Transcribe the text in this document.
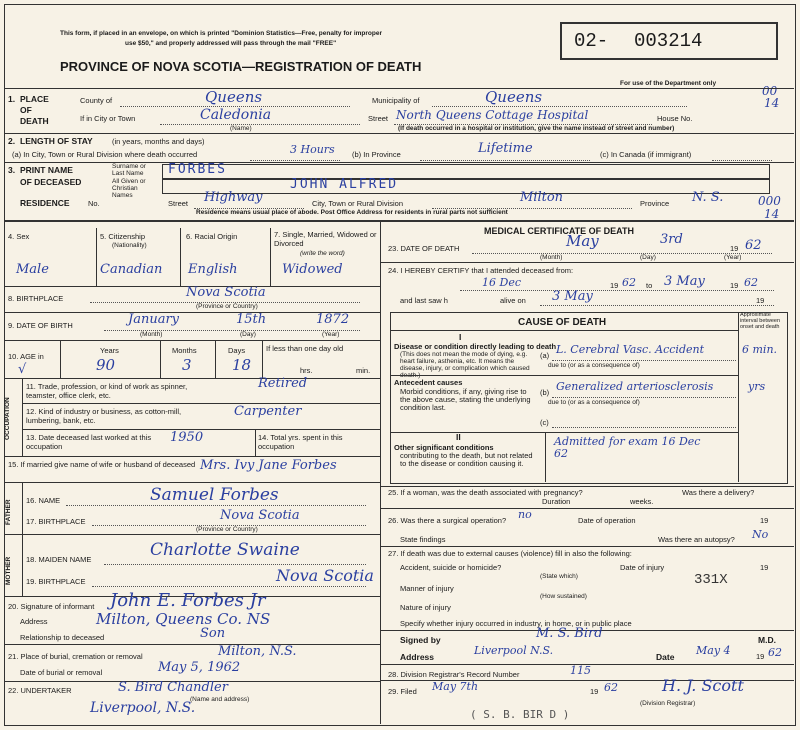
This form, if placed in an envelope, on which is printed "Dominion Statistics—Free, penalty for improper
use $50," and properly addressed will pass through the mail "FREE"
PROVINCE OF NOVA SCOTIA—REGISTRATION OF DEATH
02- 003214
For use of the Department only
00
14
000
14
1. PLACE OF DEATH
County of	Queens	Municipality of	Queens
If in City or Town	Caledonia
(Name)
Street North Queens Cottage Hospital	House No.
(If death occurred in a hospital or institution, give the name instead of street and number)
2. LENGTH OF STAY	(in years, months and days)
(a) In City, Town or Rural Division where death occurred	3 Hours (b) In Province	Lifetime	(c) In Canada (if immigrant)
3. PRINT NAME
OF DECEASED
Surname or Last Name	FORBES
All Given or Christian Names
JOHN ALFRED
RESIDENCE No.	Street Highway	City, Town or Rural Division	Milton	Province N. S.
Residence means usual place of abode. Post Office Address for residents in rural parts not sufficient
4. Sex
Male
5. Citizenship
(Nationality)
Canadian
6. Racial Origin
English
7. Single, Married, Widowed or Divorced
(write the word)
Widowed
8. BIRTHPLACE	Nova Scotia
(Province or Country)
9. DATE OF BIRTH	January	15th	1872
(Month)	(Day)	(Year)
10. AGE in
√
Years	Months	Days	If less than one day old
90	3	18	hrs.	min.
OCCUPATION
11. Trade, profession, or kind of work as spinner, teamster, office clerk, etc.
Retired
12. Kind of industry or business, as cotton-mill, lumbering, bank, etc.
Carpenter
13. Date deceased last worked at this occupation
1950	14. Total yrs. spent in this occupation
15. If married give name of wife or husband of deceased Mrs. Ivy Jane Forbes
FATHER 16. NAME	Samuel Forbes
17. BIRTHPLACE	Nova Scotia
(Province or Country)
MOTHER 18. MAIDEN NAME	Charlotte Swaine
19. BIRTHPLACE	Nova Scotia
20. Signature of informant John E. Forbes Jr
Address	Milton, Queens Co. NS
Relationship to deceased	Son
21. Place of burial, cremation or removal	Milton, N.S.
Date of burial or removal	May 5, 1962
22. UNDERTAKER
(Name and address)
S. Bird Chandler
Liverpool, N.S.
MEDICAL CERTIFICATE OF DEATH
23. DATE OF DEATH	May	3rd
19 62
(Month)	(Day)	(Year)
24. I HEREBY CERTIFY that I attended deceased from:
16 Dec	19 62 to 3 May	19 62
and last saw h	alive on 3 May	19
CAUSE OF DEATH
Approximate interval between onset and death
I
Disease or condition directly leading to death
(This does not mean the mode of dying, e.g. heart failure, asthenia, etc. It means the disease, injury, or complication which caused death.)
(a) L. Cerebral Vasc. Accident	6 min.
due to (or as a consequence of)
Antecedent causes
Morbid conditions, if any, giving rise to the above cause, stating the underlying condition last.
(b) Generalized arteriosclerosis	yrs
due to (or as a consequence of)
(c)
II
Other significant conditions
contributing to the death, but not related to the disease or condition causing it.
Admitted for exam 16 Dec 62
25. If a woman, was the death associated with pregnancy?
Duration	weeks.
Was there a delivery?
26. Was there a surgical operation? no	Date of operation	19
State findings	Was there an autopsy? No
27. If death was due to external causes (violence) fill in also the following:
Accident, suicide or homicide?	Date of injury	19
(State which)
Manner of injury
331X
(How sustained)
Nature of injury
Specify whether injury occurred in industry, in home, or in public place
Signed by	M. S. Bird	M.D.
Address	Liverpool N.S.	Date May 4	19 62
28. Division Registrar's Record Number	115
29. Filed May 7th	19 62	H. J. Scott
(Division Registrar)
( S. B. BIR D )
